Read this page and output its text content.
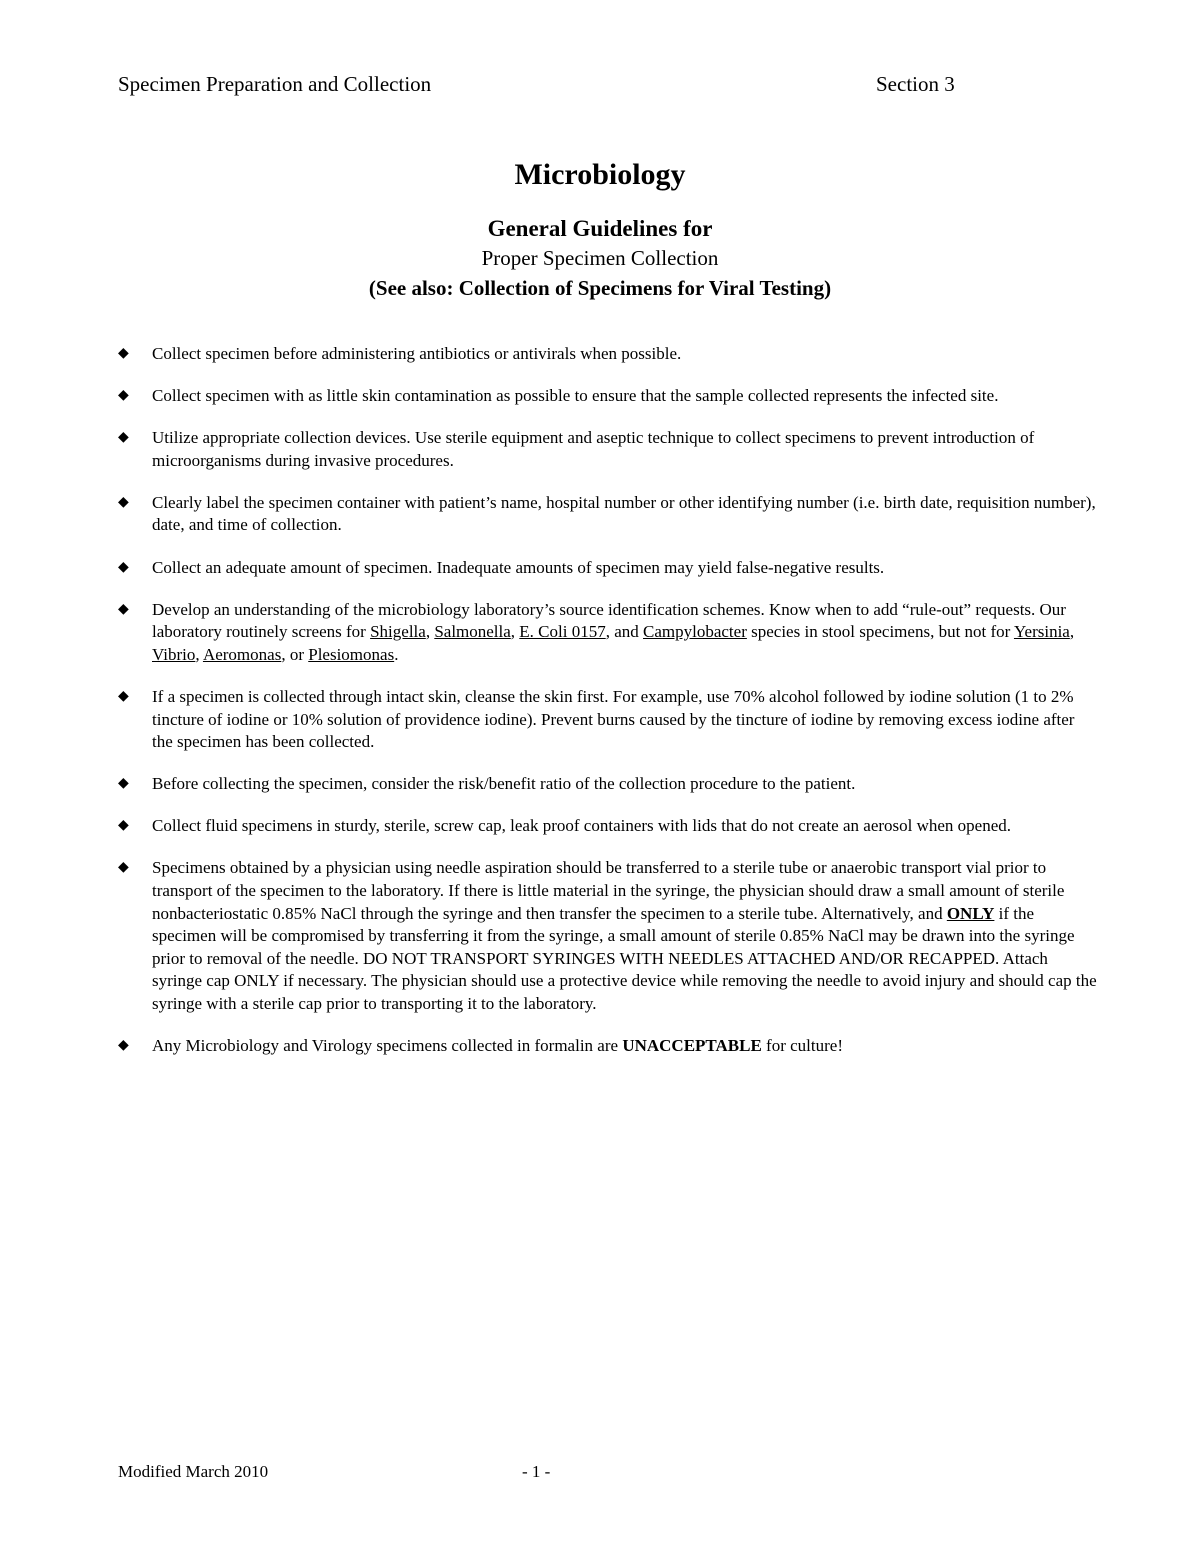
Specimen Preparation and Collection	Section 3
Microbiology
General Guidelines for
Proper Specimen Collection
(See also: Collection of Specimens for Viral Testing)
◆ Collect specimen before administering antibiotics or antivirals when possible.
◆ Collect specimen with as little skin contamination as possible to ensure that the sample collected represents the infected site.
◆ Utilize appropriate collection devices. Use sterile equipment and aseptic technique to collect specimens to prevent introduction of microorganisms during invasive procedures.
◆ Clearly label the specimen container with patient’s name, hospital number or other identifying number (i.e. birth date, requisition number), date, and time of collection.
◆ Collect an adequate amount of specimen. Inadequate amounts of specimen may yield false-negative results.
◆ Develop an understanding of the microbiology laboratory’s source identification schemes. Know when to add “rule-out” requests. Our laboratory routinely screens for Shigella, Salmonella, E. Coli 0157, and Campylobacter species in stool specimens, but not for Yersinia, Vibrio, Aeromonas, or Plesiomonas.
◆ If a specimen is collected through intact skin, cleanse the skin first. For example, use 70% alcohol followed by iodine solution (1 to 2% tincture of iodine or 10% solution of providence iodine). Prevent burns caused by the tincture of iodine by removing excess iodine after the specimen has been collected.
◆ Before collecting the specimen, consider the risk/benefit ratio of the collection procedure to the patient.
◆ Collect fluid specimens in sturdy, sterile, screw cap, leak proof containers with lids that do not create an aerosol when opened.
◆ Specimens obtained by a physician using needle aspiration should be transferred to a sterile tube or anaerobic transport vial prior to transport of the specimen to the laboratory. If there is little material in the syringe, the physician should draw a small amount of sterile nonbacteriostatic 0.85% NaCl through the syringe and then transfer the specimen to a sterile tube. Alternatively, and ONLY if the specimen will be compromised by transferring it from the syringe, a small amount of sterile 0.85% NaCl may be drawn into the syringe prior to removal of the needle. DO NOT TRANSPORT SYRINGES WITH NEEDLES ATTACHED AND/OR RECAPPED. Attach syringe cap ONLY if necessary. The physician should use a protective device while removing the needle to avoid injury and should cap the syringe with a sterile cap prior to transporting it to the laboratory.
◆ Any Microbiology and Virology specimens collected in formalin are UNACCEPTABLE for culture!
Modified March 2010	- 1 -
